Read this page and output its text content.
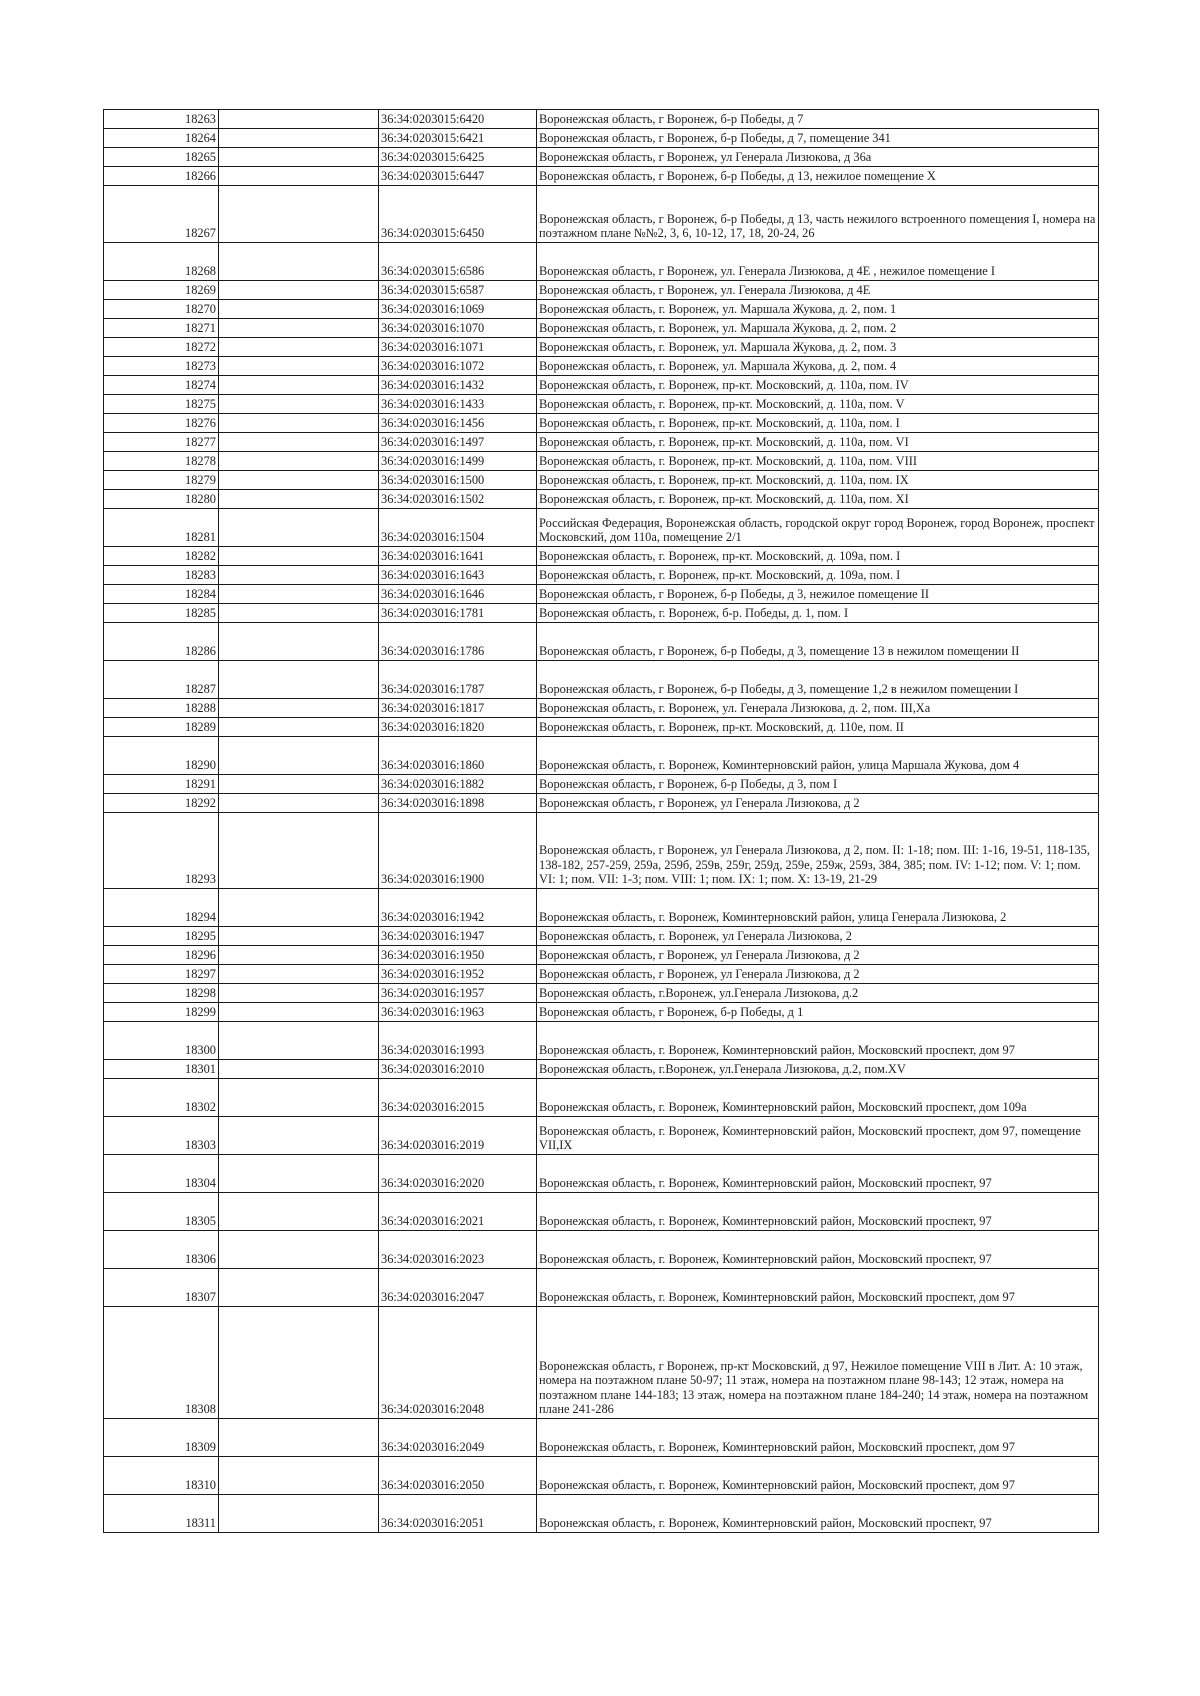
18263		36:34:0203015:6420	Воронежская область, г Воронеж, б-р Победы, д 7
18264		36:34:0203015:6421	Воронежская область, г Воронеж, б-р Победы, д 7, помещение 341
18265		36:34:0203015:6425	Воронежская область, г Воронеж, ул Генерала Лизюкова, д 36а
18266		36:34:0203015:6447	Воронежская область, г Воронеж, б-р Победы, д 13, нежилое помещение X
18267		36:34:0203015:6450	Воронежская область, г Воронеж, б-р Победы, д 13, часть нежилого встроенного помещения I, номера на поэтажном плане №№2, 3, 6, 10-12, 17, 18, 20-24, 26
18268		36:34:0203015:6586	Воронежская область, г Воронеж, ул. Генерала Лизюкова, д 4Е , нежилое помещение I
18269		36:34:0203015:6587	Воронежская область, г Воронеж, ул. Генерала Лизюкова, д 4Е
18270		36:34:0203016:1069	Воронежская область, г. Воронеж, ул. Маршала Жукова, д. 2, пом. 1
18271		36:34:0203016:1070	Воронежская область, г. Воронеж, ул. Маршала Жукова, д. 2, пом. 2
18272		36:34:0203016:1071	Воронежская область, г. Воронеж, ул. Маршала Жукова, д. 2, пом. 3
18273		36:34:0203016:1072	Воронежская область, г. Воронеж, ул. Маршала Жукова, д. 2, пом. 4
18274		36:34:0203016:1432	Воронежская область, г. Воронеж, пр-кт. Московский, д. 110а, пом. IV
18275		36:34:0203016:1433	Воронежская область, г. Воронеж, пр-кт. Московский, д. 110а, пом. V
18276		36:34:0203016:1456	Воронежская область, г. Воронеж, пр-кт. Московский, д. 110а, пом. I
18277		36:34:0203016:1497	Воронежская область, г. Воронеж, пр-кт. Московский, д. 110а, пом. VI
18278		36:34:0203016:1499	Воронежская область, г. Воронеж, пр-кт. Московский, д. 110а, пом. VIII
18279		36:34:0203016:1500	Воронежская область, г. Воронеж, пр-кт. Московский, д. 110а, пом. IX
18280		36:34:0203016:1502	Воронежская область, г. Воронеж, пр-кт. Московский, д. 110а, пом. XI
18281		36:34:0203016:1504	Российская Федерация, Воронежская область, городской округ город Воронеж, город Воронеж, проспект Московский, дом 110а, помещение 2/1
18282		36:34:0203016:1641	Воронежская область, г. Воронеж, пр-кт. Московский, д. 109а, пом. I
18283		36:34:0203016:1643	Воронежская область, г. Воронеж, пр-кт. Московский, д. 109а, пом. I
18284		36:34:0203016:1646	Воронежская область, г Воронеж, б-р Победы, д 3, нежилое помещение II
18285		36:34:0203016:1781	Воронежская область, г. Воронеж, б-р. Победы, д. 1, пом. I
18286		36:34:0203016:1786	Воронежская область, г Воронеж, б-р Победы, д 3, помещение 13 в нежилом помещении II
18287		36:34:0203016:1787	Воронежская область, г Воронеж, б-р Победы, д 3, помещение 1,2 в нежилом помещении I
18288		36:34:0203016:1817	Воронежская область, г. Воронеж, ул. Генерала Лизюкова, д. 2, пом. III,Ха
18289		36:34:0203016:1820	Воронежская область, г. Воронеж, пр-кт. Московский, д. 110е, пом. II
18290		36:34:0203016:1860	Воронежская область, г. Воронеж, Коминтерновский район, улица Маршала Жукова, дом 4
18291		36:34:0203016:1882	Воронежская область, г Воронеж, б-р Победы, д 3, пом I
18292		36:34:0203016:1898	Воронежская область, г Воронеж, ул Генерала Лизюкова, д 2
18293		36:34:0203016:1900	Воронежская область, г Воронеж, ул Генерала Лизюкова, д 2, пом. II: 1-18; пом. III: 1-16, 19-51, 118-135, 138-182, 257-259, 259а, 259б, 259в, 259г, 259д, 259е, 259ж, 259з, 384, 385; пом. IV: 1-12; пом. V: 1; пом. VI: 1; пом. VII: 1-3; пом. VIII: 1; пом. IX: 1; пом. X: 13-19, 21-29
18294		36:34:0203016:1942	Воронежская область, г. Воронеж, Коминтерновский район, улица Генерала Лизюкова, 2
18295		36:34:0203016:1947	Воронежская область, г. Воронеж, ул Генерала Лизюкова, 2
18296		36:34:0203016:1950	Воронежская область, г Воронеж, ул Генерала Лизюкова, д 2
18297		36:34:0203016:1952	Воронежская область, г Воронеж, ул Генерала Лизюкова, д 2
18298		36:34:0203016:1957	Воронежская область, г.Воронеж, ул.Генерала Лизюкова, д.2
18299		36:34:0203016:1963	Воронежская область, г Воронеж, б-р Победы, д 1
18300		36:34:0203016:1993	Воронежская область, г. Воронеж, Коминтерновский район, Московский проспект, дом 97
18301		36:34:0203016:2010	Воронежская область, г.Воронеж, ул.Генерала Лизюкова, д.2, пом.XV
18302		36:34:0203016:2015	Воронежская область, г. Воронеж, Коминтерновский район, Московский проспект, дом 109а
18303		36:34:0203016:2019	Воронежская область, г. Воронеж, Коминтерновский район, Московский проспект, дом 97, помещение VII,IX
18304		36:34:0203016:2020	Воронежская область, г. Воронеж, Коминтерновский район, Московский проспект, 97
18305		36:34:0203016:2021	Воронежская область, г. Воронеж, Коминтерновский район, Московский проспект, 97
18306		36:34:0203016:2023	Воронежская область, г. Воронеж, Коминтерновский район, Московский проспект, 97
18307		36:34:0203016:2047	Воронежская область, г. Воронеж, Коминтерновский район, Московский проспект, дом 97
18308		36:34:0203016:2048	Воронежская область, г Воронеж, пр-кт Московский, д 97, Нежилое помещение VIII в Лит. А: 10 этаж, номера на поэтажном плане 50-97; 11 этаж, номера на поэтажном плане 98-143; 12 этаж, номера на поэтажном плане 144-183; 13 этаж, номера на поэтажном плане 184-240; 14 этаж, номера на поэтажном плане 241-286
18309		36:34:0203016:2049	Воронежская область, г. Воронеж, Коминтерновский район, Московский проспект, дом 97
18310		36:34:0203016:2050	Воронежская область, г. Воронеж, Коминтерновский район, Московский проспект, дом 97
18311		36:34:0203016:2051	Воронежская область, г. Воронеж, Коминтерновский район, Московский проспект, 97
